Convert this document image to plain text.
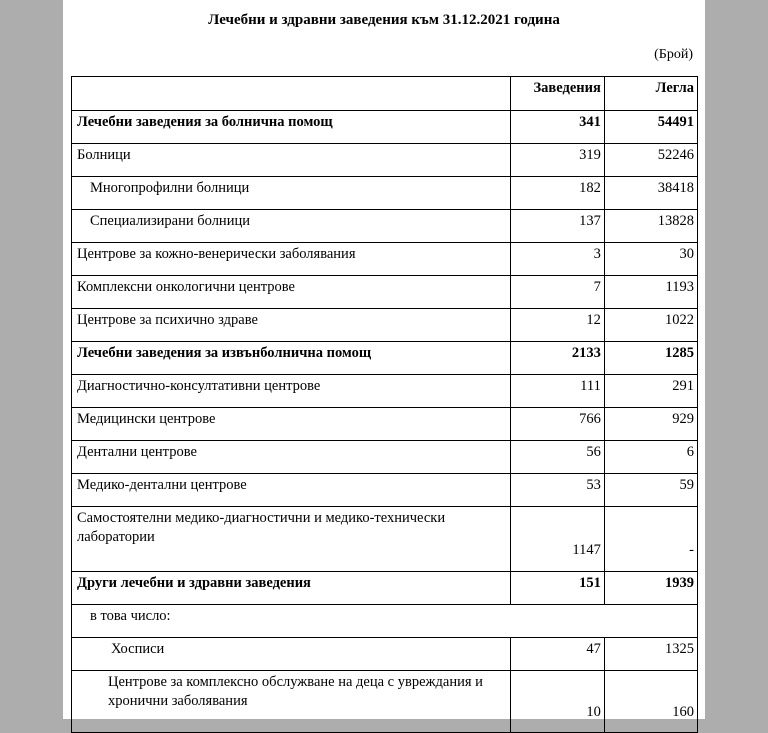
Лечебни и здравни заведения към 31.12.2021 година
(Брой)
	Заведения	Легла
Лечебни заведения за болнична помощ	341	54491
Болници	319	52246
Многопрофилни болници	182	38418
Специализирани болници	137	13828
Центрове за кожно-венерически заболявания	3	30
Комплексни онкологични центрове	7	1193
Центрове за психично здраве	12	1022
Лечебни заведения за извънболнична помощ	2133	1285
Диагностично-консултативни центрове	111	291
Медицински центрове	766	929
Дентални центрове	56	6
Медико-дентални центрове	53	59
Самостоятелни медико-диагностични и медико-технически лаборатории	1147	-
Други лечебни и здравни заведения	151	1939
в това число:		
Хосписи	47	1325
Центрове за комплексно обслужване на деца с увреждания и хронични заболявания	10	160
